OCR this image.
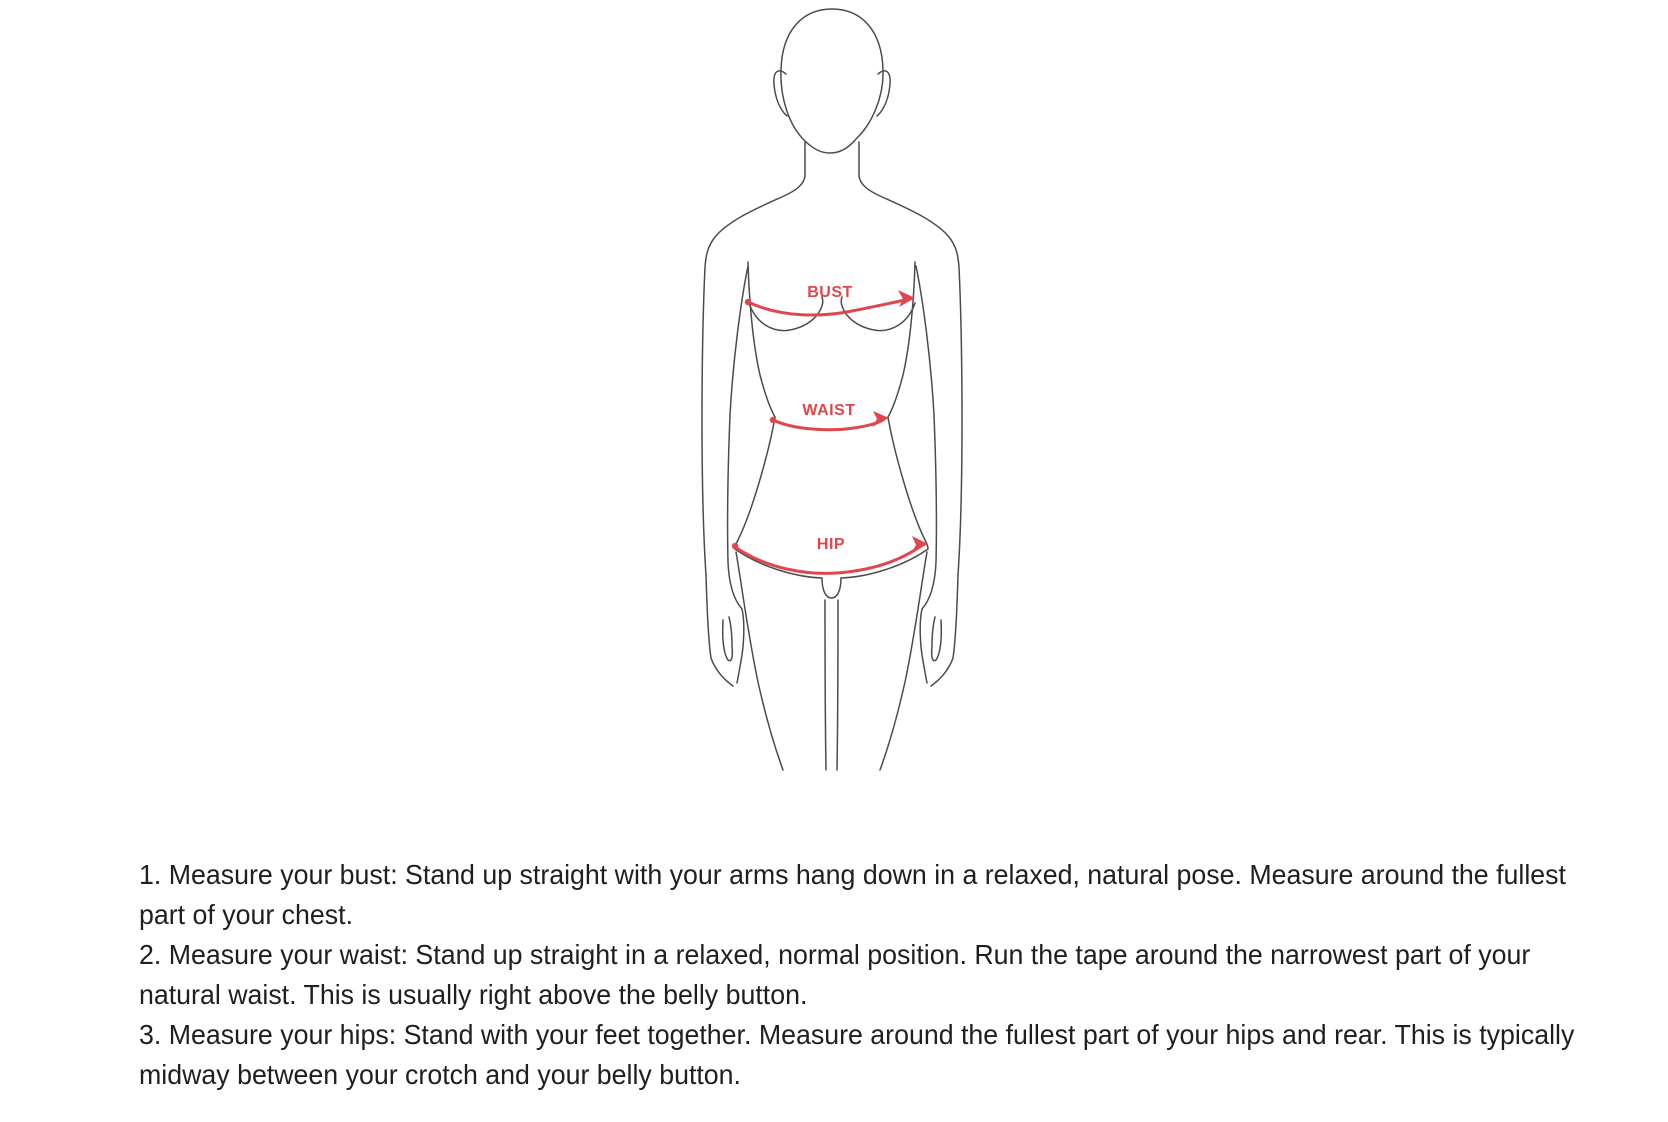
BUST
WAIST
HIP
1. Measure your bust: Stand up straight with your arms hang down in a relaxed, natural pose. Measure around the fullest part of your chest.
2. Measure your waist: Stand up straight in a relaxed, normal position. Run the tape around the narrowest part of your natural waist. This is usually right above the belly button.
3. Measure your hips: Stand with your feet together. Measure around the fullest part of your hips and rear. This is typically midway between your crotch and your belly button.
